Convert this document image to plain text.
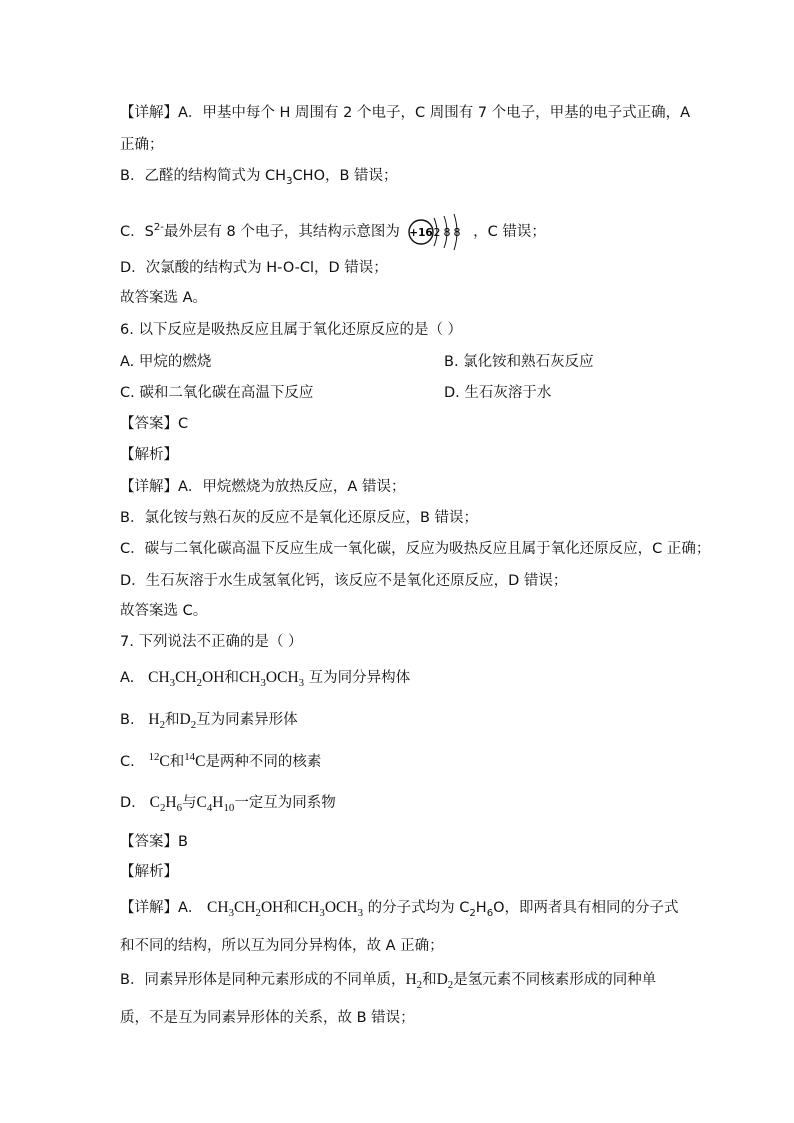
【详解】A．甲基中每个 H 周围有 2 个电子，C 周围有 7 个电子，甲基的电子式正确，A
正确；
B．乙醛的结构简式为 $CH_3CHO$，B 错误；
C．$S^{2-}$最外层有 8 个电子，其结构示意图为 +16 2 8 8 ，C 错误；
D．次氯酸的结构式为 H-O-Cl，D 错误；
故答案选 A。
6. 以下反应是吸热反应且属于氧化还原反应的是（ ）
A. 甲烷的燃烧	B. 氯化铵和熟石灰反应
C. 碳和二氧化碳在高温下反应	D. 生石灰溶于水
【答案】C
【解析】
【详解】A．甲烷燃烧为放热反应，A 错误；
B．氯化铵与熟石灰的反应不是氧化还原反应，B 错误；
C．碳与二氧化碳高温下反应生成一氧化碳，反应为吸热反应且属于氧化还原反应，C 正确；
D．生石灰溶于水生成氢氧化钙，该反应不是氧化还原反应，D 错误；
故答案选 C。
7. 下列说法不正确的是（ ）
A. $CH_3CH_2OH$和$CH_3OCH_3$ 互为同分异构体
B. $H_2$和$D_2$互为同素异形体
C. $^{12}$C和$^{14}$C是两种不同的核素
D. $C_2H_6$与$C_4H_{10}$一定互为同系物
【答案】B
【解析】
【详解】A． $CH_3CH_2OH$和$CH_3OCH_3$ 的分子式均为 $C_2H_6O$，即两者具有相同的分子式
和不同的结构，所以互为同分异构体，故 A 正确；
B．同素异形体是同种元素形成的不同单质，$H_2$和$D_2$是氢元素不同核素形成的同种单
质，不是互为同素异形体的关系，故 B 错误；
